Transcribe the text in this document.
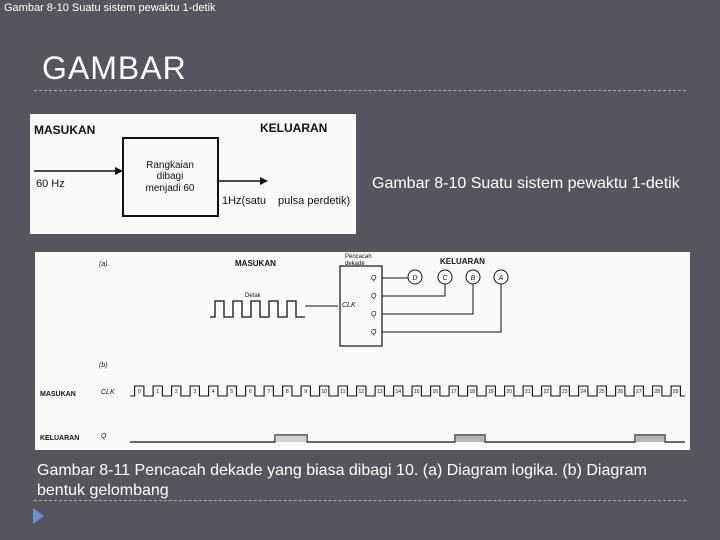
Gambar 8-10 Suatu sistem pewaktu 1-detik
GAMBAR
MASUKAN	KELUARAN
Rangkaian
dibagi
menjadi 60
60 Hz
1Hz(satu pulsa perdetik)
Gambar 8-10 Suatu sistem pewaktu 1-detik
(a)	MASUKAN
Pencacah
dekade	KELUARAN
Q
Q
CLK
Q
Q
D	C	B	A
Detak
(b)
MASUKAN	CLK	0	1	2	3	4	5	6	7	8	9	10	11	12	13	14	15	16	17	18	19	20	21	22	23	24	25	26	27	28	29
KELUARAN	Q
Gambar 8-11 Pencacah dekade yang biasa dibagi 10. (a) Diagram logika. (b) Diagram bentuk gelombang
